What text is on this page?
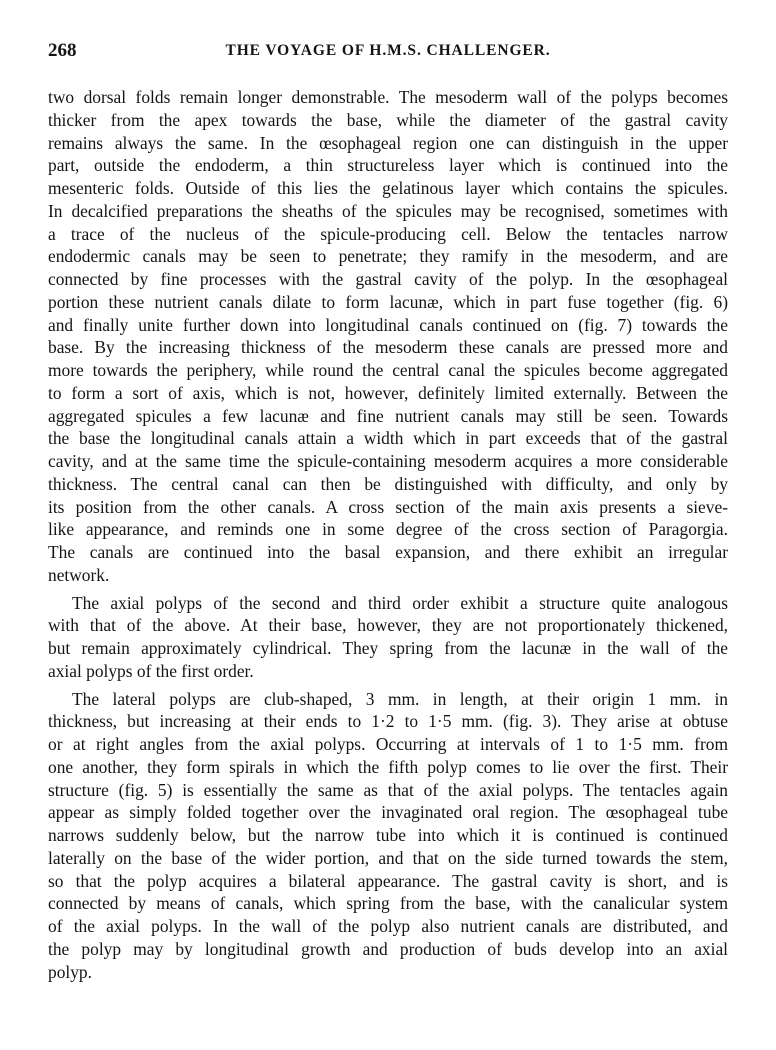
268	THE VOYAGE OF H.M.S. CHALLENGER.
two dorsal folds remain longer demonstrable. The mesoderm wall of the polyps becomes
thicker from the apex towards the base, while the diameter of the gastral cavity
remains always the same. In the œsophageal region one can distinguish in the upper
part, outside the endoderm, a thin structureless layer which is continued into the
mesenteric folds. Outside of this lies the gelatinous layer which contains the spicules.
In decalcified preparations the sheaths of the spicules may be recognised, sometimes with
a trace of the nucleus of the spicule-producing cell. Below the tentacles narrow
endodermic canals may be seen to penetrate; they ramify in the mesoderm, and are
connected by fine processes with the gastral cavity of the polyp. In the œsophageal
portion these nutrient canals dilate to form lacunæ, which in part fuse together (fig. 6)
and finally unite further down into longitudinal canals continued on (fig. 7) towards the
base. By the increasing thickness of the mesoderm these canals are pressed more and
more towards the periphery, while round the central canal the spicules become aggregated
to form a sort of axis, which is not, however, definitely limited externally. Between the
aggregated spicules a few lacunæ and fine nutrient canals may still be seen. Towards
the base the longitudinal canals attain a width which in part exceeds that of the gastral
cavity, and at the same time the spicule-containing mesoderm acquires a more considerable
thickness. The central canal can then be distinguished with difficulty, and only by
its position from the other canals. A cross section of the main axis presents a sieve-
like appearance, and reminds one in some degree of the cross section of Paragorgia.
The canals are continued into the basal expansion, and there exhibit an irregular
network.
The axial polyps of the second and third order exhibit a structure quite analogous
with that of the above. At their base, however, they are not proportionately thickened,
but remain approximately cylindrical. They spring from the lacunæ in the wall of the
axial polyps of the first order.
The lateral polyps are club-shaped, 3 mm. in length, at their origin 1 mm. in
thickness, but increasing at their ends to 1·2 to 1·5 mm. (fig. 3). They arise at obtuse
or at right angles from the axial polyps. Occurring at intervals of 1 to 1·5 mm. from
one another, they form spirals in which the fifth polyp comes to lie over the first. Their
structure (fig. 5) is essentially the same as that of the axial polyps. The tentacles again
appear as simply folded together over the invaginated oral region. The œsophageal tube
narrows suddenly below, but the narrow tube into which it is continued is continued
laterally on the base of the wider portion, and that on the side turned towards the stem,
so that the polyp acquires a bilateral appearance. The gastral cavity is short, and is
connected by means of canals, which spring from the base, with the canalicular system
of the axial polyps. In the wall of the polyp also nutrient canals are distributed, and
the polyp may by longitudinal growth and production of buds develop into an axial
polyp.
